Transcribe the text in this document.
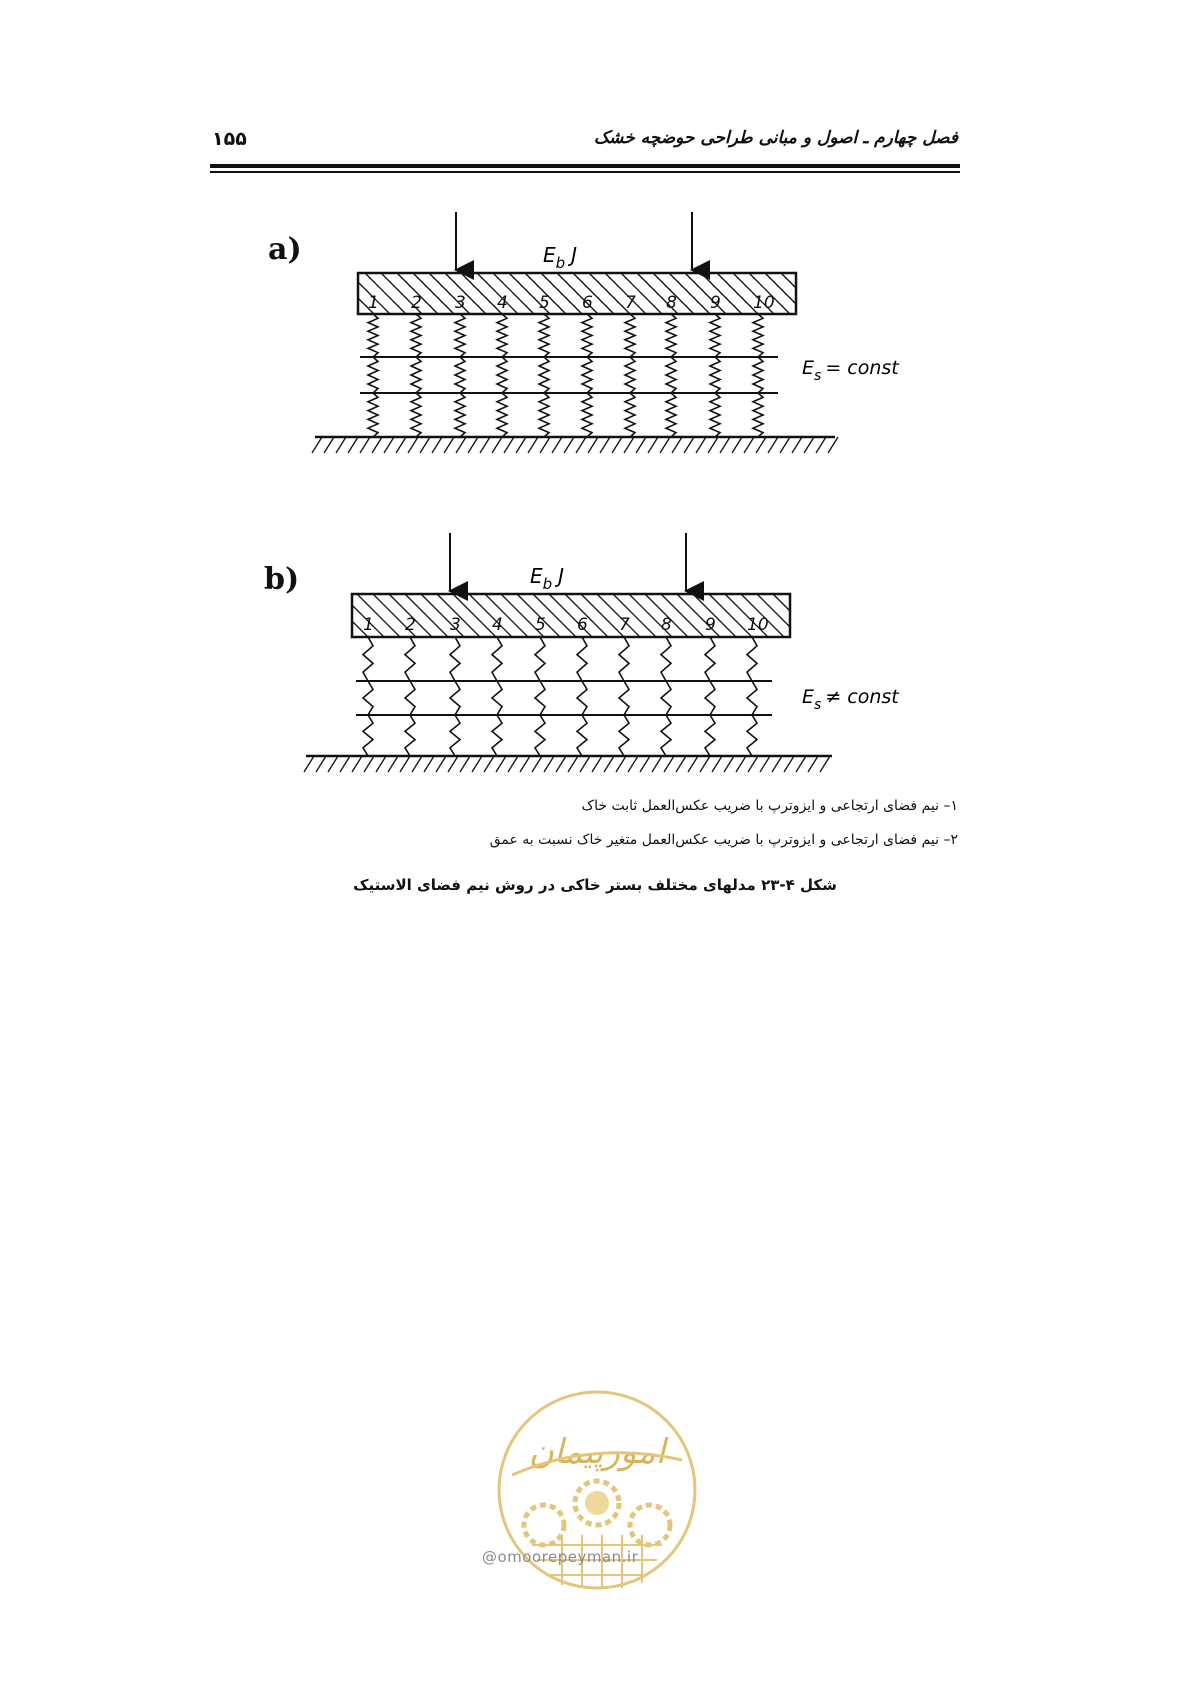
فصل چهارم ـ اصول و مبانی طراحی حوضچه خشک
۱۵۵
a)
b)
$E_b$ J
1 2 3 4 5 6 7 8 9 10
$E_s$ = const
$E_b$ J
1 2 3 4 5 6 7 8 9 10
$E_s$ ≠ const
۱– نیم فضای ارتجاعی و ایزوترپ با ضریب عکس‌العمل ثابت خاک
۲– نیم فضای ارتجاعی و ایزوترپ با ضریب عکس‌العمل متغیر خاک نسبت به عمق
شکل ۴-۲۳ مدلهای مختلف بستر خاکی در روش نیم فضای الاستیک
امورپیمان
@omoorepeyman.ir
